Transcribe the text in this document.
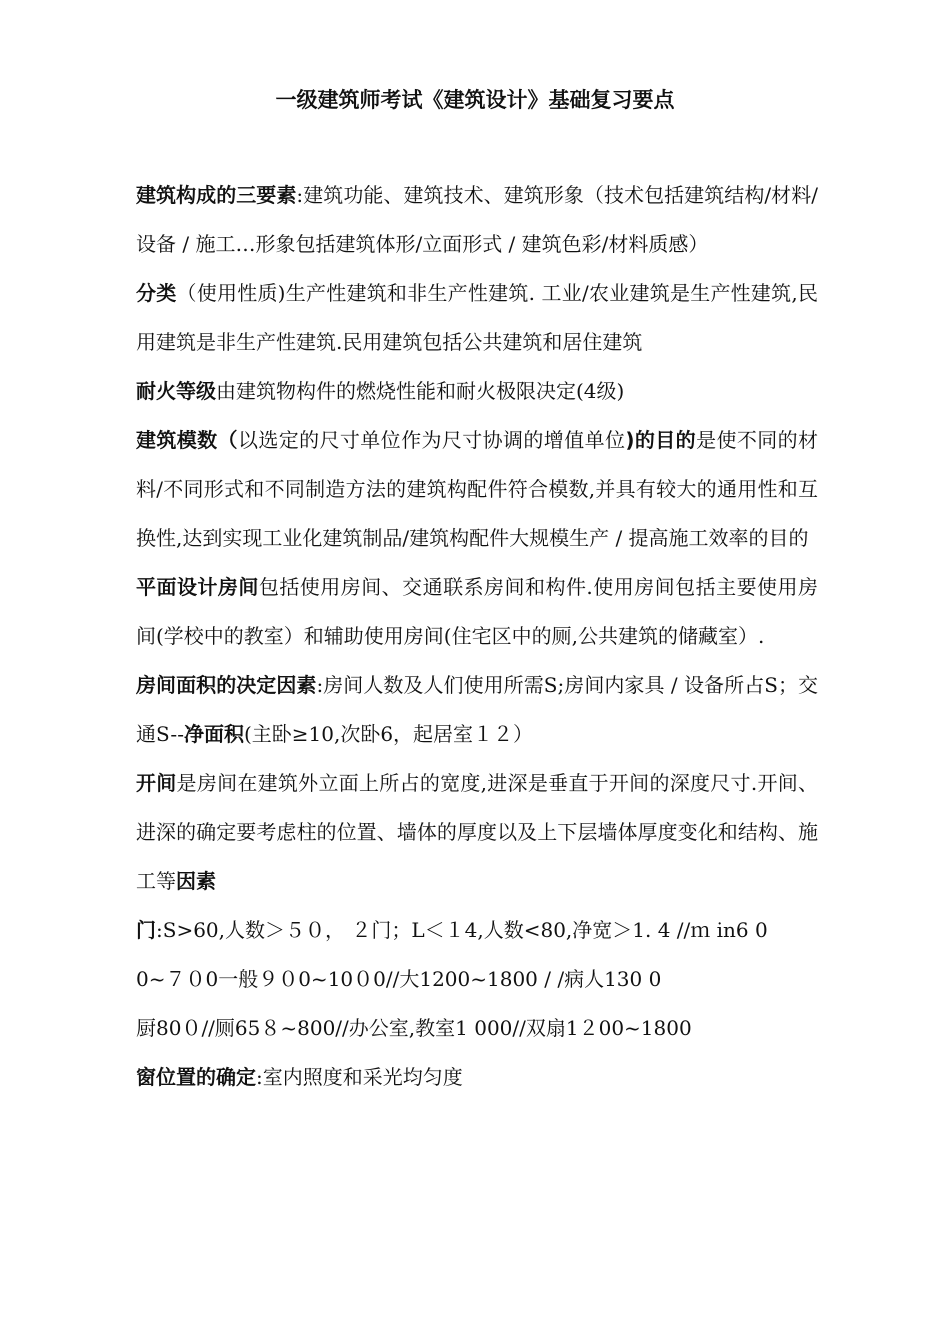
一级建筑师考试《建筑设计》基础复习要点

建筑构成的三要素:建筑功能、建筑技术、建筑形象（技术包括建筑结构/材料/设备 / 施工…形象包括建筑体形/立面形式 / 建筑色彩/材料质感）

分类（使用性质)生产性建筑和非生产性建筑. 工业/农业建筑是生产性建筑,民用建筑是非生产性建筑.民用建筑包括公共建筑和居住建筑

耐火等级由建筑物构件的燃烧性能和耐火极限决定(4级)

建筑模数（以选定的尺寸单位作为尺寸协调的增值单位)的目的是使不同的材料/不同形式和不同制造方法的建筑构配件符合模数,并具有较大的通用性和互换性,达到实现工业化建筑制品/建筑构配件大规模生产 / 提高施工效率的目的

平面设计房间包括使用房间、交通联系房间和构件.使用房间包括主要使用房间(学校中的教室）和辅助使用房间(住宅区中的厕,公共建筑的储藏室）.

房间面积的决定因素:房间人数及人们使用所需S;房间内家具 / 设备所占S；交通S--净面积(主卧≥10,次卧6，起居室１２）

开间是房间在建筑外立面上所占的宽度,进深是垂直于开间的深度尺寸.开间、进深的确定要考虑柱的位置、墙体的厚度以及上下层墙体厚度变化和结构、施工等因素

门:S>60,人数＞５０， ２门；L＜１4,人数<80,净宽＞1. 4 //ｍ in6 0
0~７０0一般９０0~10０0//大1200~1800 / /病人130 0
厨80０//厕65８~800//办公室,教室1 000//双扇1２00~1800
窗位置的确定:室内照度和采光均匀度
